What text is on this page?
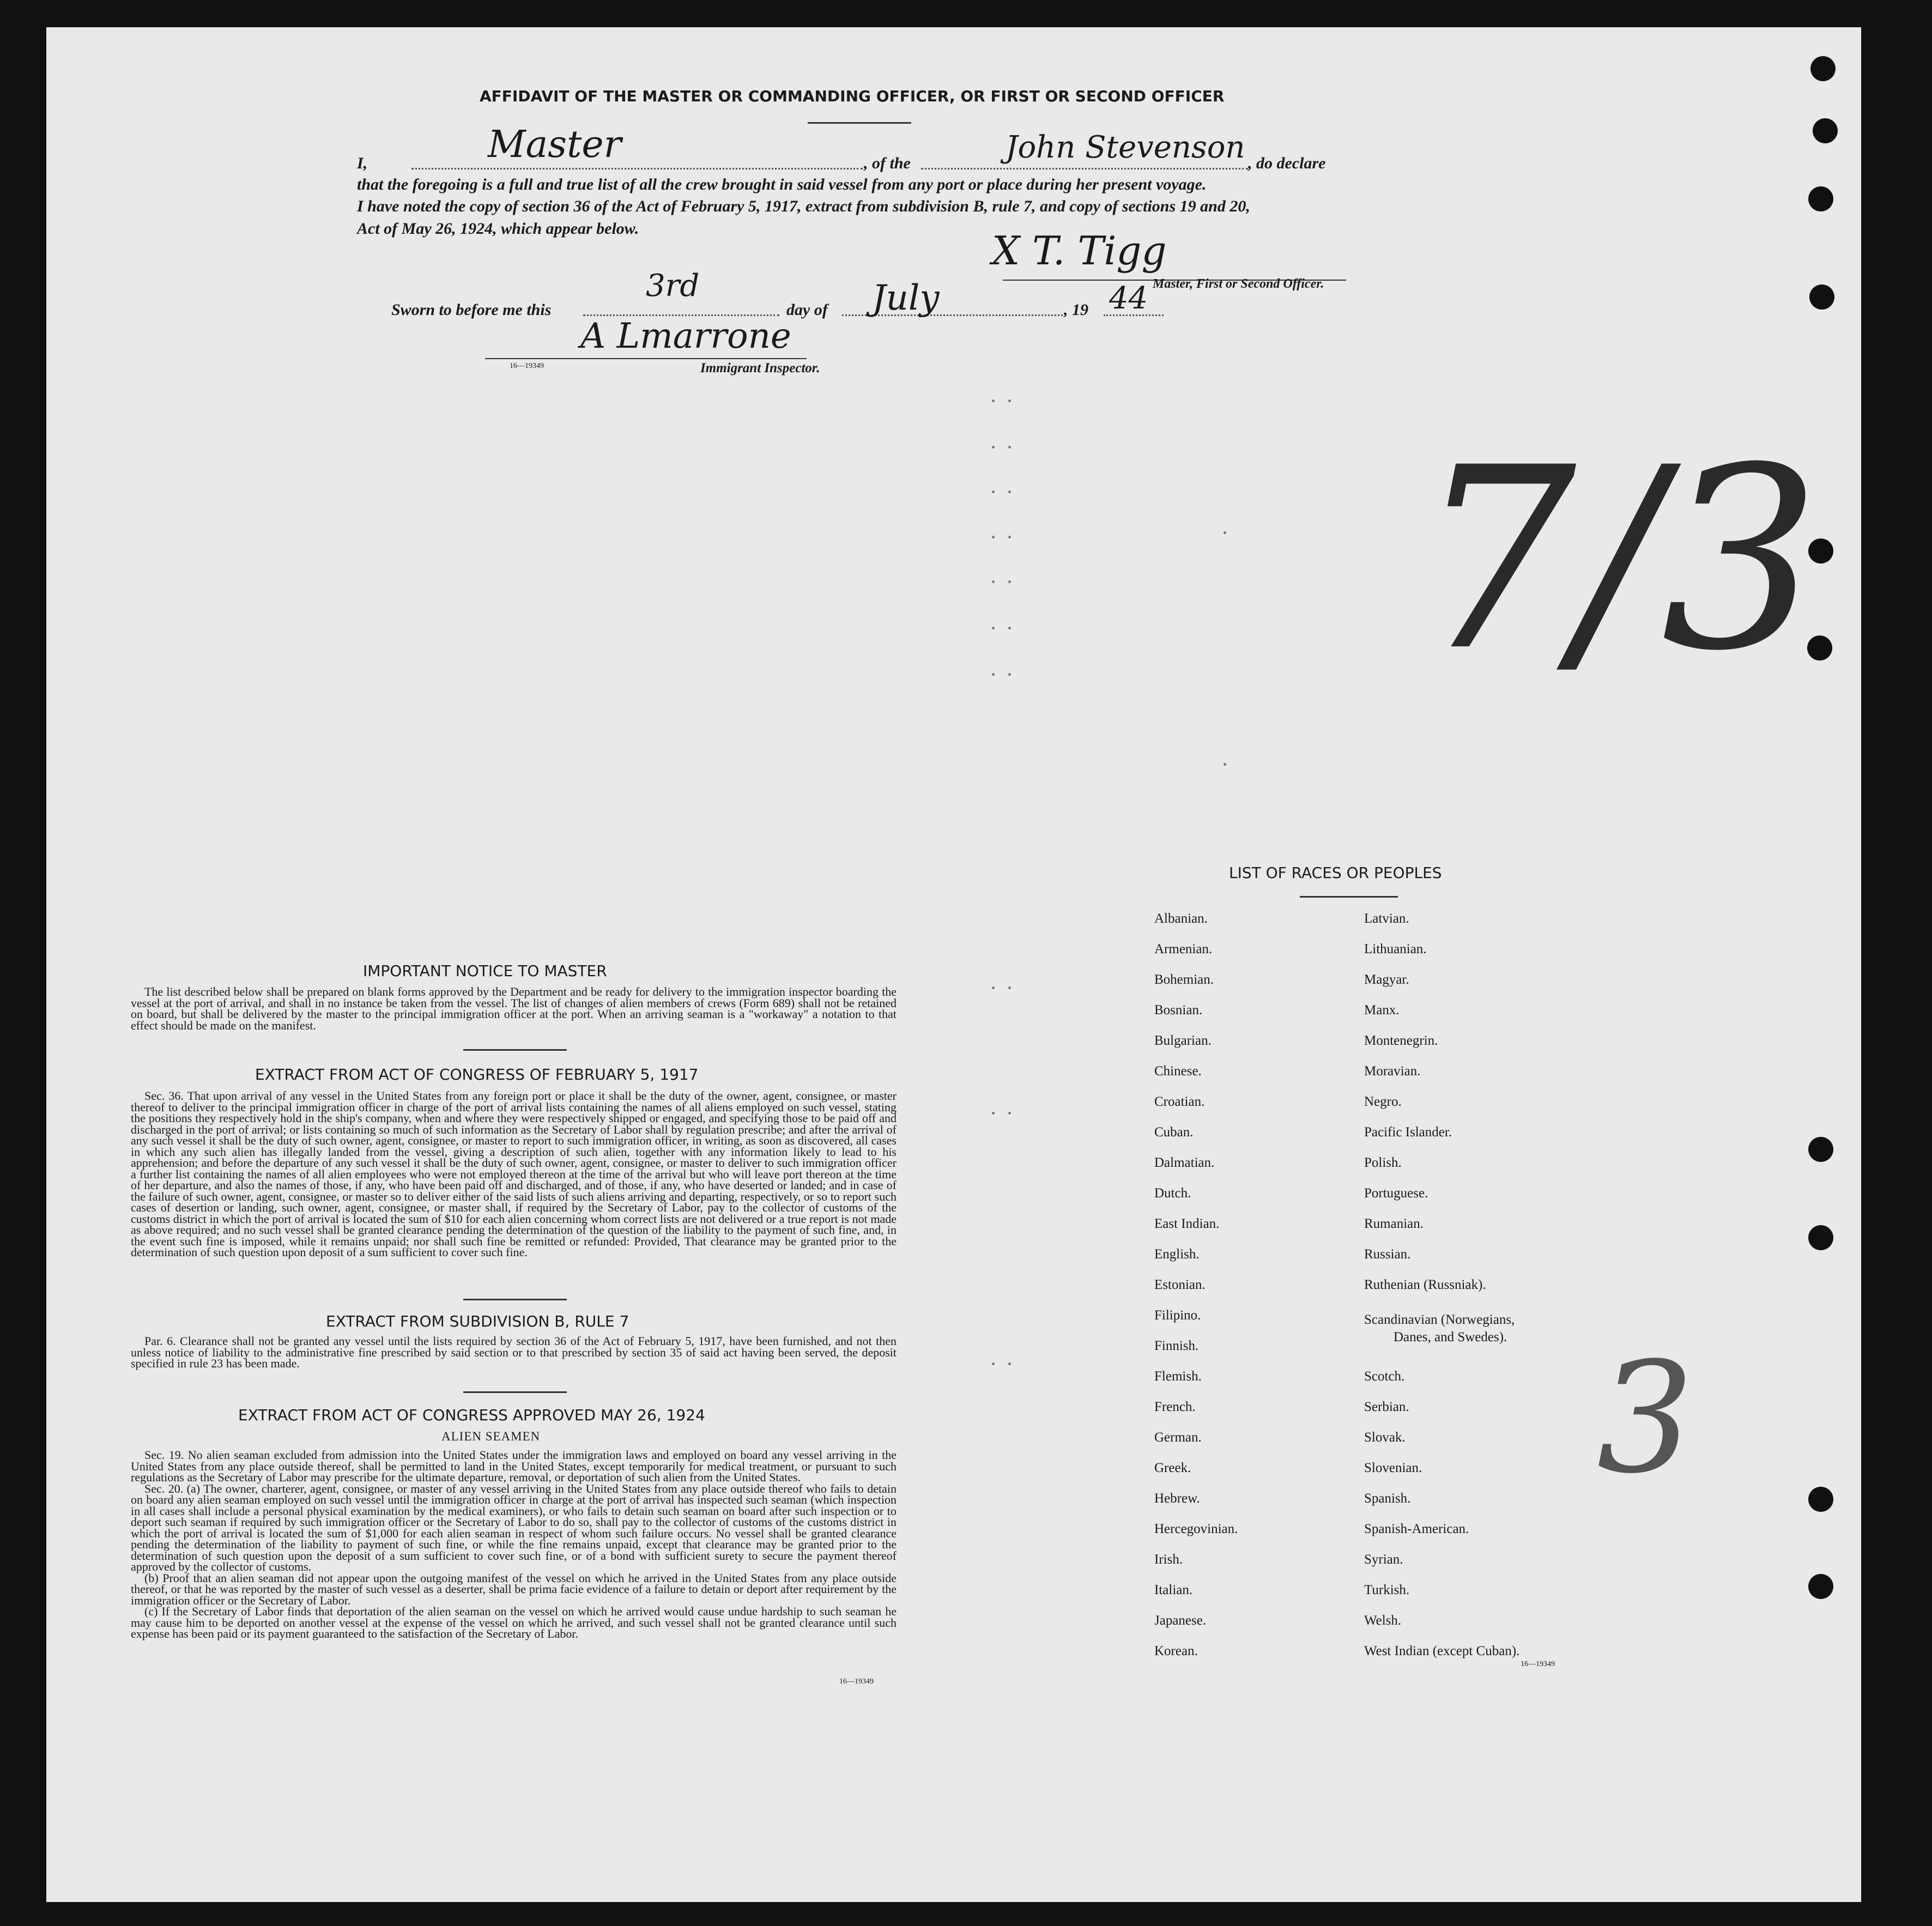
AFFIDAVIT OF THE MASTER OR COMMANDING OFFICER, OR FIRST OR SECOND OFFICER
I,	Master	, of the	John Stevenson , do declare
that the foregoing is a full and true list of all the crew brought in said vessel from any port or place during her present voyage.
I have noted the copy of section 36 of the Act of February 5, 1917, extract from subdivision B, rule 7, and copy of sections 19 and 20,
Act of May 26, 1924, which appear below.	X T. Tigg
Master, First or Second Officer.
Sworn to before me this
3rd
day of July	, 19 44
A Lmarrone
16—19349	Immigrant Inspector.
7/3
3
IMPORTANT NOTICE TO MASTER

The list described below shall be prepared on blank forms approved by the Department and be ready for delivery to the immigration inspector boarding the vessel at the port of arrival, and shall in no instance be taken from the vessel. The list of changes of alien members of crews (Form 689) shall not be retained on board, but shall be delivered by the master to the principal immigration officer at the port. When an arriving seaman is a "workaway" a notation to that effect should be made on the manifest.

EXTRACT FROM ACT OF CONGRESS OF FEBRUARY 5, 1917

Sec. 36. That upon arrival of any vessel in the United States from any foreign port or place it shall be the duty of the owner, agent, consignee, or master thereof to deliver to the principal immigration officer in charge of the port of arrival lists containing the names of all aliens employed on such vessel, stating the positions they respectively hold in the ship's company, when and where they were respectively shipped or engaged, and specifying those to be paid off and discharged in the port of arrival; or lists containing so much of such information as the Secretary of Labor shall by regulation prescribe; and after the arrival of any such vessel it shall be the duty of such owner, agent, consignee, or master to report to such immigration officer, in writing, as soon as discovered, all cases in which any such alien has illegally landed from the vessel, giving a description of such alien, together with any information likely to lead to his apprehension; and before the departure of any such vessel it shall be the duty of such owner, agent, consignee, or master to deliver to such immigration officer a further list containing the names of all alien employees who were not employed thereon at the time of the arrival but who will leave port thereon at the time of her departure, and also the names of those, if any, who have been paid off and discharged, and of those, if any, who have deserted or landed; and in case of the failure of such owner, agent, consignee, or master so to deliver either of the said lists of such aliens arriving and departing, respectively, or so to report such cases of desertion or landing, such owner, agent, consignee, or master shall, if required by the Secretary of Labor, pay to the collector of customs of the customs district in which the port of arrival is located the sum of $10 for each alien concerning whom correct lists are not delivered or a true report is not made as above required; and no such vessel shall be granted clearance pending the determination of the question of the liability to the payment of such fine, and, in the event such fine is imposed, while it remains unpaid; nor shall such fine be remitted or refunded: Provided, That clearance may be granted prior to the determination of such question upon deposit of a sum sufficient to cover such fine.

EXTRACT FROM SUBDIVISION B, RULE 7

Par. 6. Clearance shall not be granted any vessel until the lists required by section 36 of the Act of February 5, 1917, have been furnished, and not then unless notice of liability to the administrative fine prescribed by said section or to that prescribed by section 35 of said act having been served, the deposit specified in rule 23 has been made.

EXTRACT FROM ACT OF CONGRESS APPROVED MAY 26, 1924
ALIEN SEAMEN

Sec. 19. No alien seaman excluded from admission into the United States under the immigration laws and employed on board any vessel arriving in the United States from any place outside thereof, shall be permitted to land in the United States, except temporarily for medical treatment, or pursuant to such regulations as the Secretary of Labor may prescribe for the ultimate departure, removal, or deportation of such alien from the United States.

Sec. 20. (a) The owner, charterer, agent, consignee, or master of any vessel arriving in the United States from any place outside thereof who fails to detain on board any alien seaman employed on such vessel until the immigration officer in charge at the port of arrival has inspected such seaman (which inspection in all cases shall include a personal physical examination by the medical examiners), or who fails to detain such seaman on board after such inspection or to deport such seaman if required by such immigration officer or the Secretary of Labor to do so, shall pay to the collector of customs of the customs district in which the port of arrival is located the sum of $1,000 for each alien seaman in respect of whom such failure occurs. No vessel shall be granted clearance pending the determination of the liability to payment of such fine, or while the fine remains unpaid, except that clearance may be granted prior to the determination of such question upon the deposit of a sum sufficient to cover such fine, or of a bond with sufficient surety to secure the payment thereof approved by the collector of customs.

(b) Proof that an alien seaman did not appear upon the outgoing manifest of the vessel on which he arrived in the United States from any place outside thereof, or that he was reported by the master of such vessel as a deserter, shall be prima facie evidence of a failure to detain or deport after requirement by the immigration officer or the Secretary of Labor.

(c) If the Secretary of Labor finds that deportation of the alien seaman on the vessel on which he arrived would cause undue hardship to such seaman he may cause him to be deported on another vessel at the expense of the vessel on which he arrived, and such vessel shall not be granted clearance until such expense has been paid or its payment guaranteed to the satisfaction of the Secretary of Labor.

16—19349
LIST OF RACES OR PEOPLES
Albanian.
Armenian.
Bohemian.
Bosnian.
Bulgarian.
Chinese.
Croatian.
Cuban.
Dalmatian.
Dutch.
East Indian.
English.
Estonian.
Filipino.
Finnish.
Flemish.
French.
German.
Greek.
Hebrew.
Hercegovinian.
Irish.
Italian.
Japanese.
Korean.
Latvian.
Lithuanian.
Magyar.
Manx.
Montenegrin.
Moravian.
Negro.
Pacific Islander.
Polish.
Portuguese.
Rumanian.
Russian.
Ruthenian (Russniak).
Scandinavian (Norwegians,
Danes, and Swedes).
Scotch.
Serbian.
Slovak.
Slovenian.
Spanish.
Spanish-American.
Syrian.
Turkish.
Welsh.
West Indian (except Cuban).
16—19349
